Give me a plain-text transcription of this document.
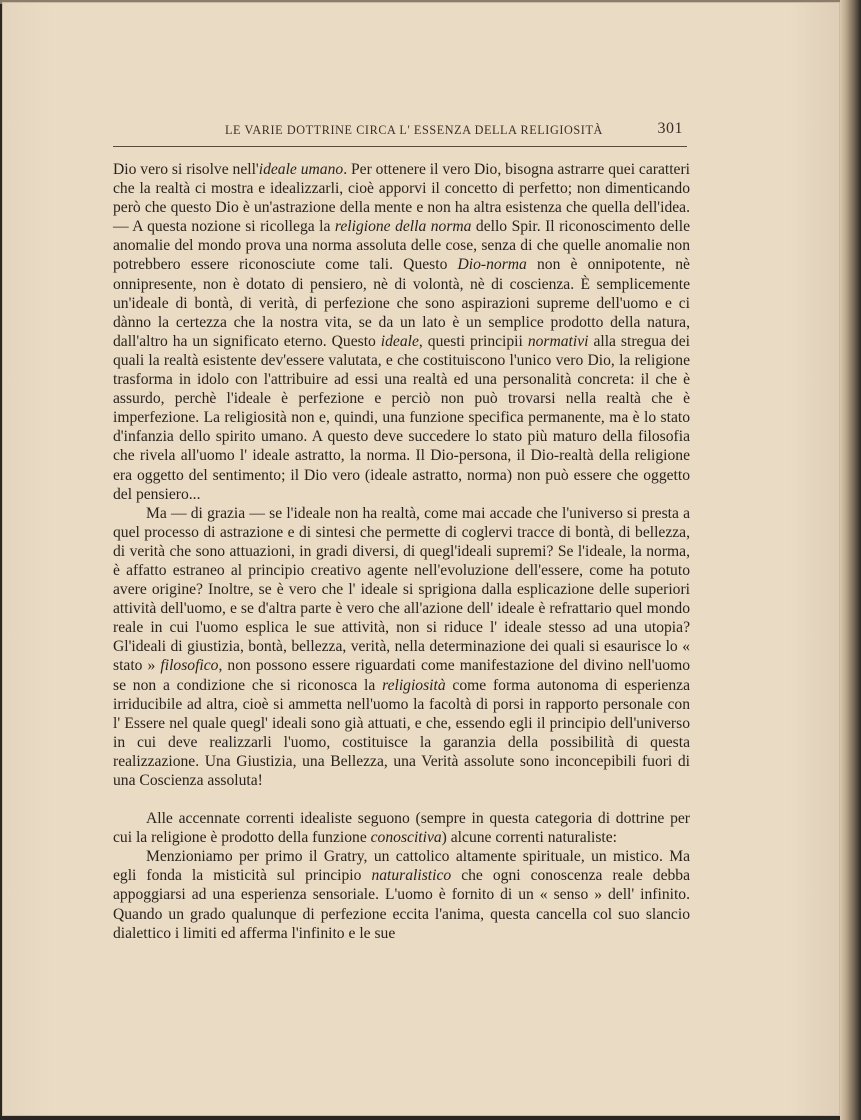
LE VARIE DOTTRINE CIRCA L' ESSENZA DELLA RELIGIOSITÀ	301

Dio vero si risolve nell'ideale umano. Per ottenere il vero Dio, bisogna astrarre quei caratteri che la realtà ci mostra e idealizzarli, cioè apporvi il concetto di perfetto; non dimenticando però che questo Dio è un'astrazione della mente e non ha altra esistenza che quella dell'idea. — A questa nozione si ricollega la religione della norma dello Spir. Il riconoscimento delle anomalie del mondo prova una norma assoluta delle cose, senza di che quelle anomalie non potrebbero essere riconosciute come tali. Questo Dio-norma non è onnipotente, nè onnipresente, non è dotato di pensiero, nè di volontà, nè di coscienza. È semplicemente un'ideale di bontà, di verità, di perfezione che sono aspirazioni supreme dell'uomo e ci dànno la certezza che la nostra vita, se da un lato è un semplice prodotto della natura, dall'altro ha un significato eterno. Questo ideale, questi principii normativi alla stregua dei quali la realtà esistente dev'essere valutata, e che costituiscono l'unico vero Dio, la religione trasforma in idolo con l'attribuire ad essi una realtà ed una personalità concreta: il che è assurdo, perchè l'ideale è perfezione e perciò non può trovarsi nella realtà che è imperfezione. La religiosità non e, quindi, una funzione specifica permanente, ma è lo stato d'infanzia dello spirito umano. A questo deve succedere lo stato più maturo della filosofia che rivela all'uomo l' ideale astratto, la norma. Il Dio-persona, il Dio-realtà della religione era oggetto del sentimento; il Dio vero (ideale astratto, norma) non può essere che oggetto del pensiero...

Ma — di grazia — se l'ideale non ha realtà, come mai accade che l'universo si presta a quel processo di astrazione e di sintesi che permette di coglervi tracce di bontà, di bellezza, di verità che sono attuazioni, in gradi diversi, di quegl'ideali supremi? Se l'ideale, la norma, è affatto estraneo al principio creativo agente nell'evoluzione dell'essere, come ha potuto avere origine? Inoltre, se è vero che l' ideale si sprigiona dalla esplicazione delle superiori attività dell'uomo, e se d'altra parte è vero che all'azione dell' ideale è refrattario quel mondo reale in cui l'uomo esplica le sue attività, non si riduce l' ideale stesso ad una utopia? Gl'ideali di giustizia, bontà, bellezza, verità, nella determinazione dei quali si esaurisce lo « stato » filosofico, non possono essere riguardati come manifestazione del divino nell'uomo se non a condizione che si riconosca la religiosità come forma autonoma di esperienza irriducibile ad altra, cioè si ammetta nell'uomo la facoltà di porsi in rapporto personale con l' Essere nel quale quegl' ideali sono già attuati, e che, essendo egli il principio dell'universo in cui deve realizzarli l'uomo, costituisce la garanzia della possibilità di questa realizzazione. Una Giustizia, una Bellezza, una Verità assolute sono inconcepibili fuori di una Coscienza assoluta!

Alle accennate correnti idealiste seguono (sempre in questa categoria di dottrine per cui la religione è prodotto della funzione conoscitiva) alcune correnti naturaliste:

Menzioniamo per primo il Gratry, un cattolico altamente spirituale, un mistico. Ma egli fonda la misticità sul principio naturalistico che ogni conoscenza reale debba appoggiarsi ad una esperienza sensoriale. L'uomo è fornito di un « senso » dell' infinito. Quando un grado qualunque di perfezione eccita l'anima, questa cancella col suo slancio dialettico i limiti ed afferma l'infinito e le sue
